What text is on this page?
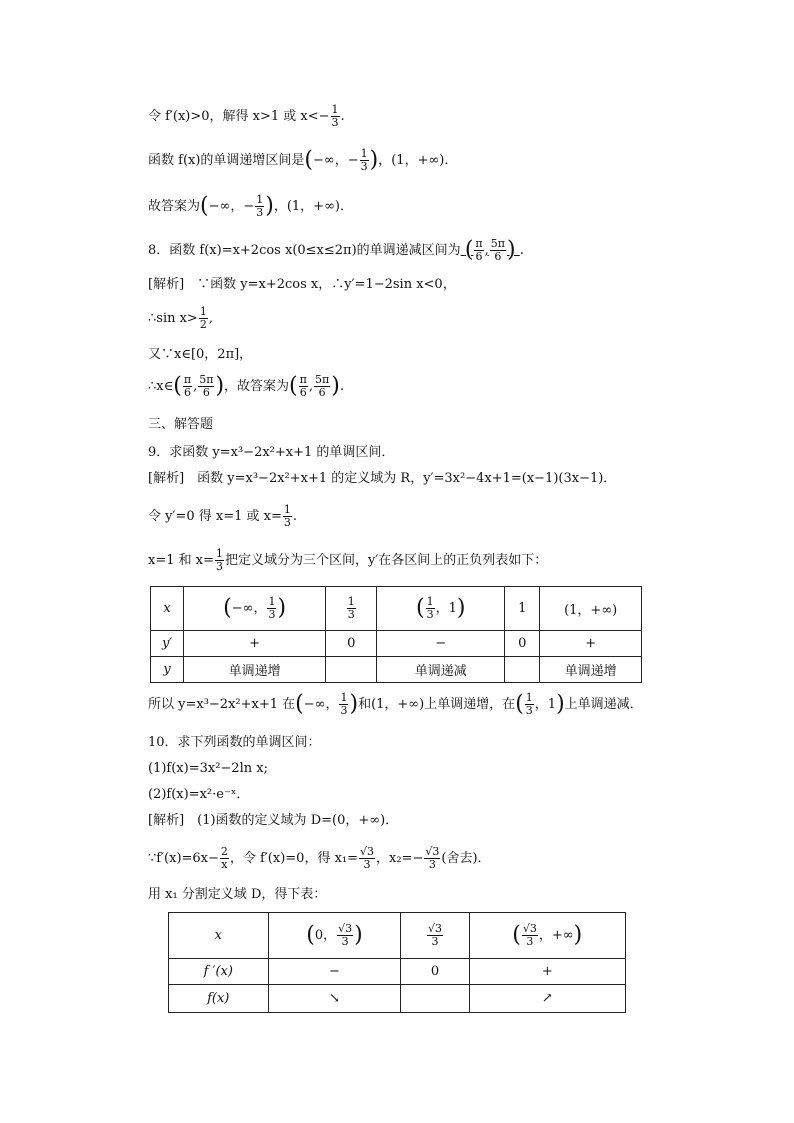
令 f′(x)>0，解得 x>1 或 $x<- \frac{1}{3}$ .
函数 f(x)的单调递增区间是(−∞，− $\frac{1}{3}$ )，(1，+∞)．
故答案为(−∞，− $\frac{1}{3}$ )，(1，+∞)．
8．函数 f(x)=x+2cos x(0≤x≤2π)的单调递减区间为 ( $\frac{\pi}{6}$ , $\frac{5\pi}{6}$ ) .
[解析]　∵函数 y=x+2cos x，∴y′=1−2sin x<0，
∴sin $x> \frac{1}{2}$ ,
又∵x∈[0，2π]，
∴x∈( $\frac{\pi}{6}$ , $\frac{5\pi}{6}$ )，故答案为( $\frac{\pi}{6}$ , $\frac{5\pi}{6}$ ).
三、解答题
9．求函数 y=x³−2x²+x+1 的单调区间．
[解析]　函数 y=x³−2x²+x+1 的定义域为 R，y′=3x²−4x+1=(x−1)(3x−1)．
令 y′=0 得 x=1 或 $x= \frac{1}{3}$ .
x=1 和 $x= \frac{1}{3}$ 把定义域分为三个区间，y′在各区间上的正负列表如下：
x	(−∞， $\frac{1}{3}$ )	$\frac{1}{3}$	( $\frac{1}{3}$ ，1)	1	(1，+∞)
y′	+	0	−	0	+
y	单调递增		单调递减		单调递增
所以 y=x³−2x²+x+1 在(−∞， $\frac{1}{3}$ )和(1，+∞)上单调递增，在( $\frac{1}{3}$ ，1)上单调递减．
10．求下列函数的单调区间：
(1)f(x)=3x²−2ln x;
(2)f(x)=x²·e⁻ˣ．
[解析]　(1)函数的定义域为 D=(0，+∞)．
∵f′(x)=6x− $\frac{2}{x}$ ，令 f′(x)=0，得 $x_1= \frac{√3}{3}$ ，$x_2=- \frac{√3}{3}$ (舍去)．
用 x₁ 分割定义域 D，得下表：
x	(0， $\frac{√3}{3}$ )	$\frac{√3}{3}$	( $\frac{√3}{3}$ ，+∞)
f ′(x)	−	0	+
f(x)	↘		↗
